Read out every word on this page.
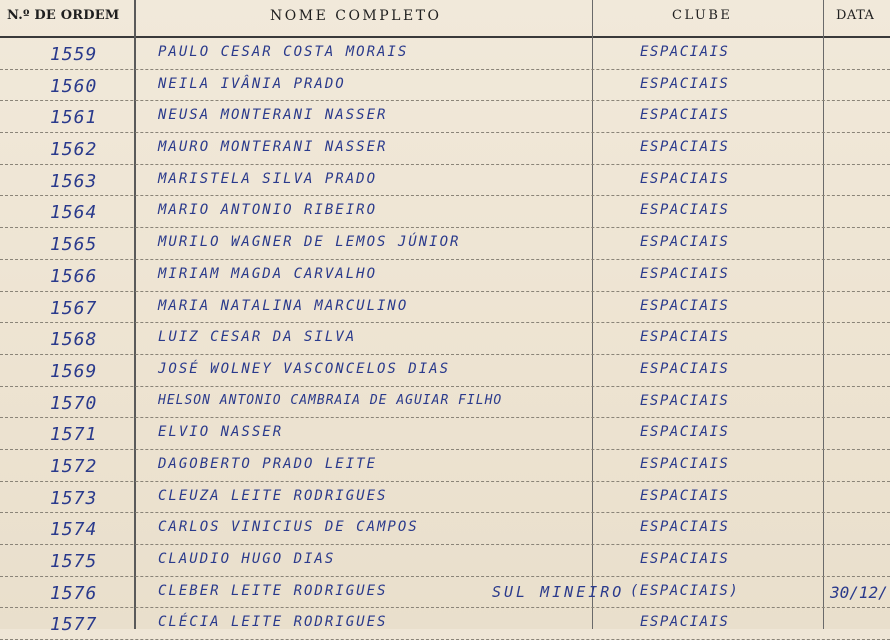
N.º DE ORDEM	NOME COMPLETO	CLUBE	DATA
1559	PAULO CESAR COSTA MORAIS	ESPACIAIS
1560	NEILA IVÂNIA PRADO	ESPACIAIS
1561	NEUSA MONTERANI NASSER	ESPACIAIS
1562	MAURO MONTERANI NASSER	ESPACIAIS
1563	MARISTELA SILVA PRADO	ESPACIAIS
1564	MARIO ANTONIO RIBEIRO	ESPACIAIS
1565	MURILO WAGNER DE LEMOS JÚNIOR	ESPACIAIS
1566	MIRIAM MAGDA CARVALHO	ESPACIAIS
1567	MARIA NATALINA MARCULINO	ESPACIAIS
1568	LUIZ CESAR DA SILVA	ESPACIAIS
1569	JOSÉ WOLNEY VASCONCELOS DIAS	ESPACIAIS
1570	HELSON ANTONIO CAMBRAIA DE AGUIAR FILHO	ESPACIAIS
1571	ELVIO NASSER	ESPACIAIS
1572	DAGOBERTO PRADO LEITE	ESPACIAIS
1573	CLEUZA LEITE RODRIGUES	ESPACIAIS
1574	CARLOS VINICIUS DE CAMPOS	ESPACIAIS
1575	CLAUDIO HUGO DIAS	ESPACIAIS
1576	CLEBER LEITE RODRIGUES	SUL MINEIRO (ESPACIAIS)	30/12/
1577	CLÉCIA LEITE RODRIGUES	ESPACIAIS
